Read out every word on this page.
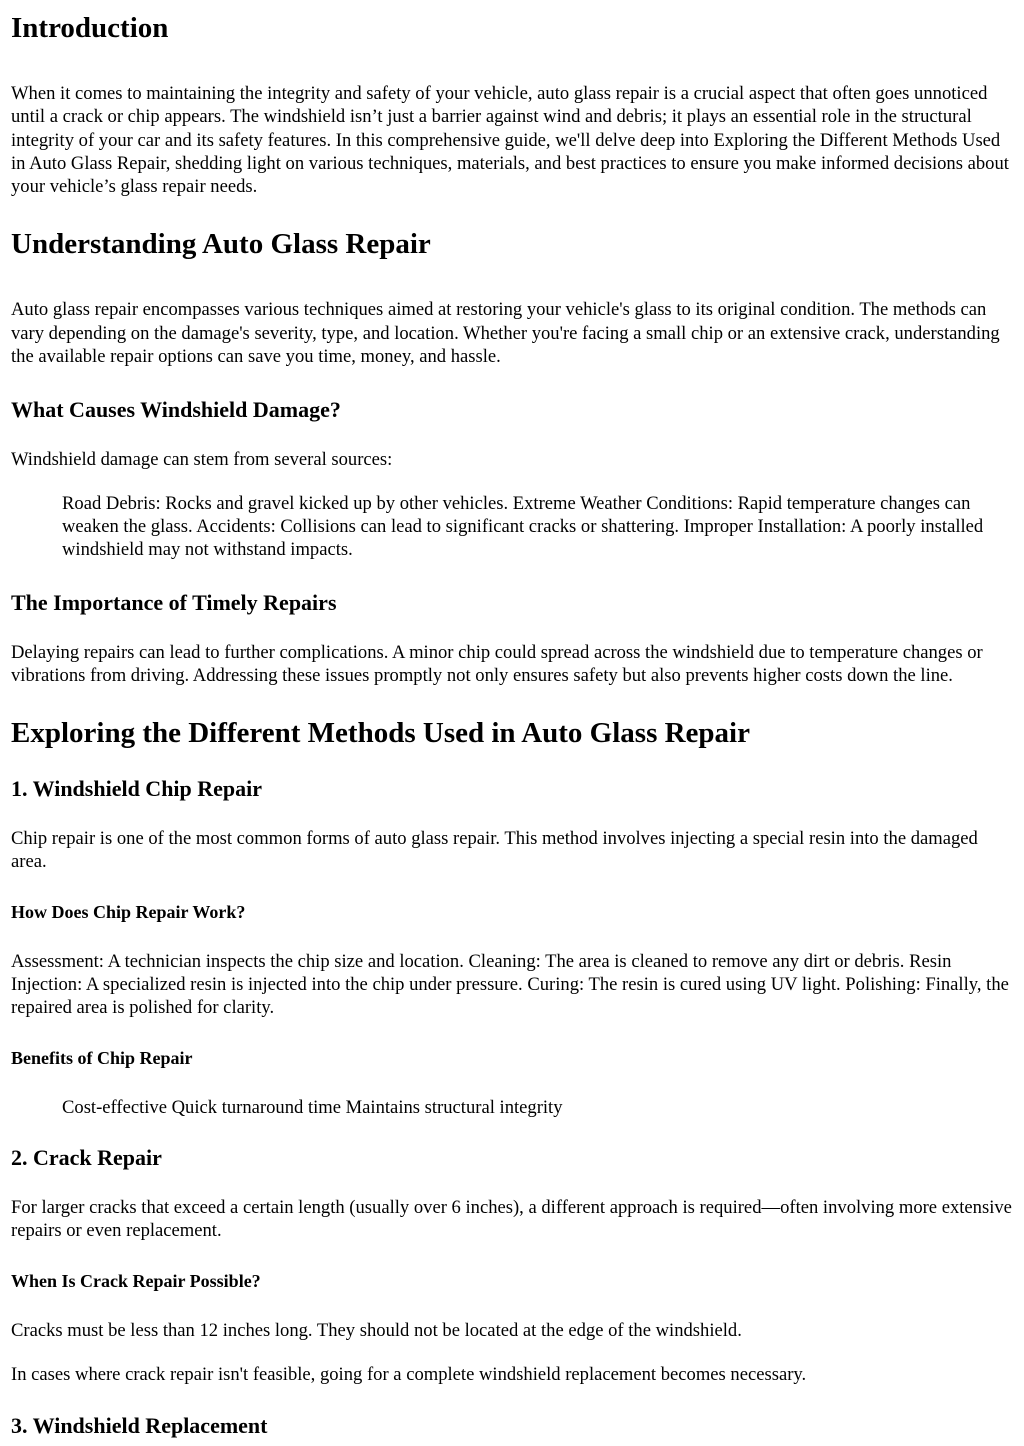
Introduction

When it comes to maintaining the integrity and safety of your vehicle, auto glass repair is a crucial aspect that often goes unnoticed until a crack or chip appears. The windshield isn’t just a barrier against wind and debris; it plays an essential role in the structural integrity of your car and its safety features. In this comprehensive guide, we'll delve deep into Exploring the Different Methods Used in Auto Glass Repair, shedding light on various techniques, materials, and best practices to ensure you make informed decisions about your vehicle’s glass repair needs.

Understanding Auto Glass Repair

Auto glass repair encompasses various techniques aimed at restoring your vehicle's glass to its original condition. The methods can vary depending on the damage's severity, type, and location. Whether you're facing a small chip or an extensive crack, understanding the available repair options can save you time, money, and hassle.

What Causes Windshield Damage?

Windshield damage can stem from several sources:

Road Debris: Rocks and gravel kicked up by other vehicles. Extreme Weather Conditions: Rapid temperature changes can weaken the glass. Accidents: Collisions can lead to significant cracks or shattering. Improper Installation: A poorly installed windshield may not withstand impacts.
The Importance of Timely Repairs

Delaying repairs can lead to further complications. A minor chip could spread across the windshield due to temperature changes or vibrations from driving. Addressing these issues promptly not only ensures safety but also prevents higher costs down the line.

Exploring the Different Methods Used in Auto Glass Repair
1. Windshield Chip Repair

Chip repair is one of the most common forms of auto glass repair. This method involves injecting a special resin into the damaged area.

How Does Chip Repair Work?

Assessment: A technician inspects the chip size and location. Cleaning: The area is cleaned to remove any dirt or debris. Resin Injection: A specialized resin is injected into the chip under pressure. Curing: The resin is cured using UV light. Polishing: Finally, the repaired area is polished for clarity.

Benefits of Chip Repair
Cost-effective Quick turnaround time Maintains structural integrity
2. Crack Repair

For larger cracks that exceed a certain length (usually over 6 inches), a different approach is required—often involving more extensive repairs or even replacement.

When Is Crack Repair Possible?

Cracks must be less than 12 inches long. They should not be located at the edge of the windshield.

In cases where crack repair isn't feasible, going for a complete windshield replacement becomes necessary.

3. Windshield Replacement
